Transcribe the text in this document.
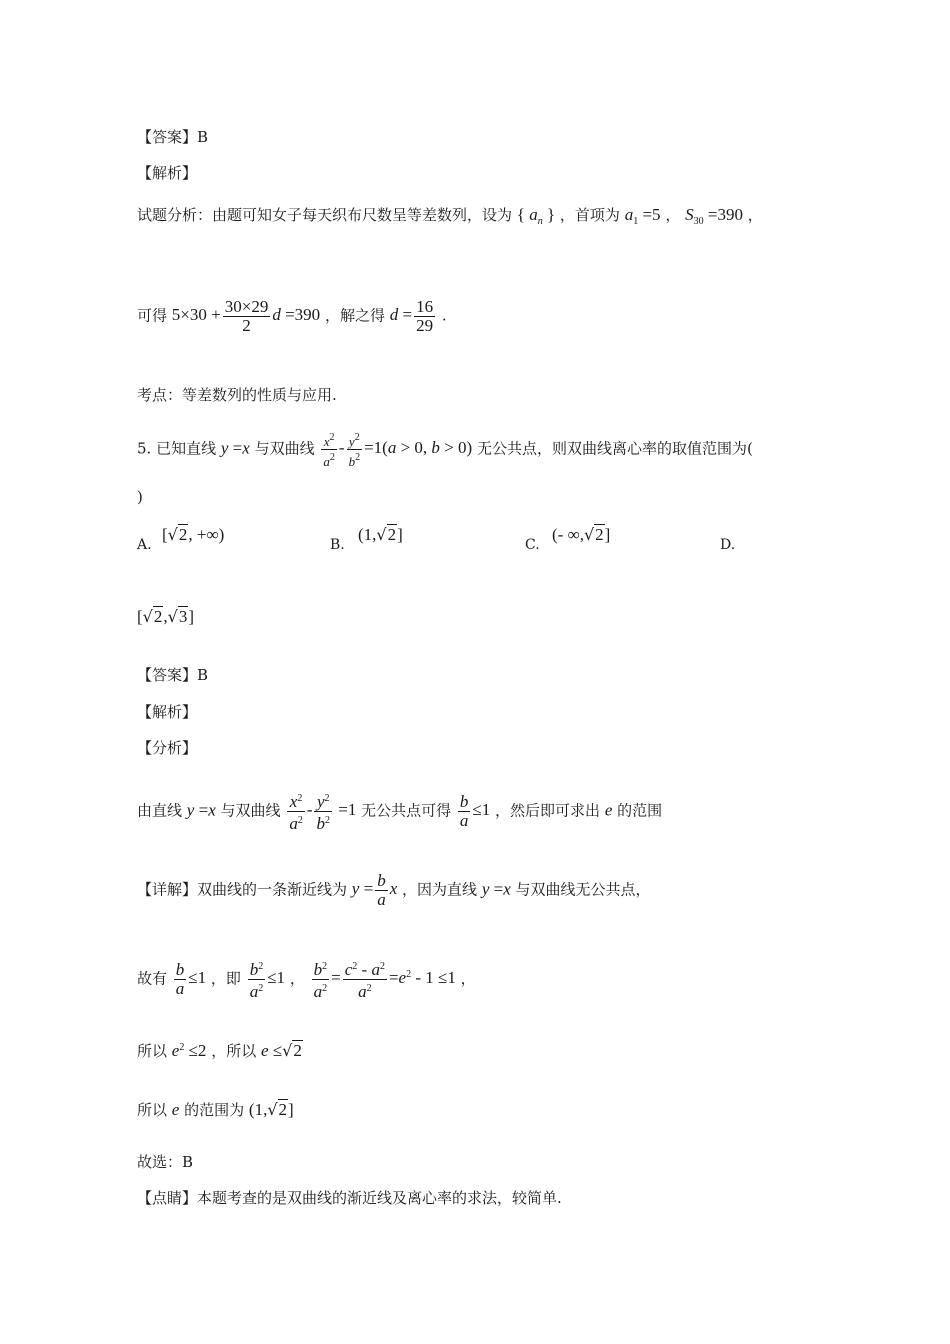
【答案】B
【解析】
试题分析：由题可知女子每天织布尺数呈等差数列，设为 { $a_n$ } ，首项为 $a_1 =5$ ， $S_{30} =390$ ，
可得 $5\times 30 + \frac{30\times 29}{2}$ d =390 ，解之得 $d = \frac{16}{29}$ .
考点：等差数列的性质与应用.
5. 已知直线 y =x 与双曲线 $\frac{x^2}{a^2} - \frac{y^2}{b^2} =1(a > 0$, b > 0) 无公共点，则双曲线离心率的取值范围为(
)
A.
[√2, +∞)
B.
(1,√2]
C.
(- ∞,√2]
D.
[√2,√3]
【答案】B
【解析】
【分析】
由直线 y =x 与双曲线 $\frac{x^2}{a^2} - \frac{y^2}{b^2} =1$ 无公共点可得 $\frac{b}{a} \le 1$ ，然后即可求出 e 的范围
【详解】双曲线的一条渐近线为 $y = \frac{b}{a}$ x ，因为直线 y =x 与双曲线无公共点，
故有 $\frac{b}{a} \le 1$ ，即 $\frac{b^2}{a^2} \le 1$ ， $\frac{b^2}{a^2} = \frac{c^2 - a^2}{a^2} =e^2 - 1 \le 1$ ，
所以 $e^2 \le 2$ ，所以 e ≤√2
所以 e 的范围为 (1,√2]
故选：B
【点睛】本题考查的是双曲线的渐近线及离心率的求法，较简单.
